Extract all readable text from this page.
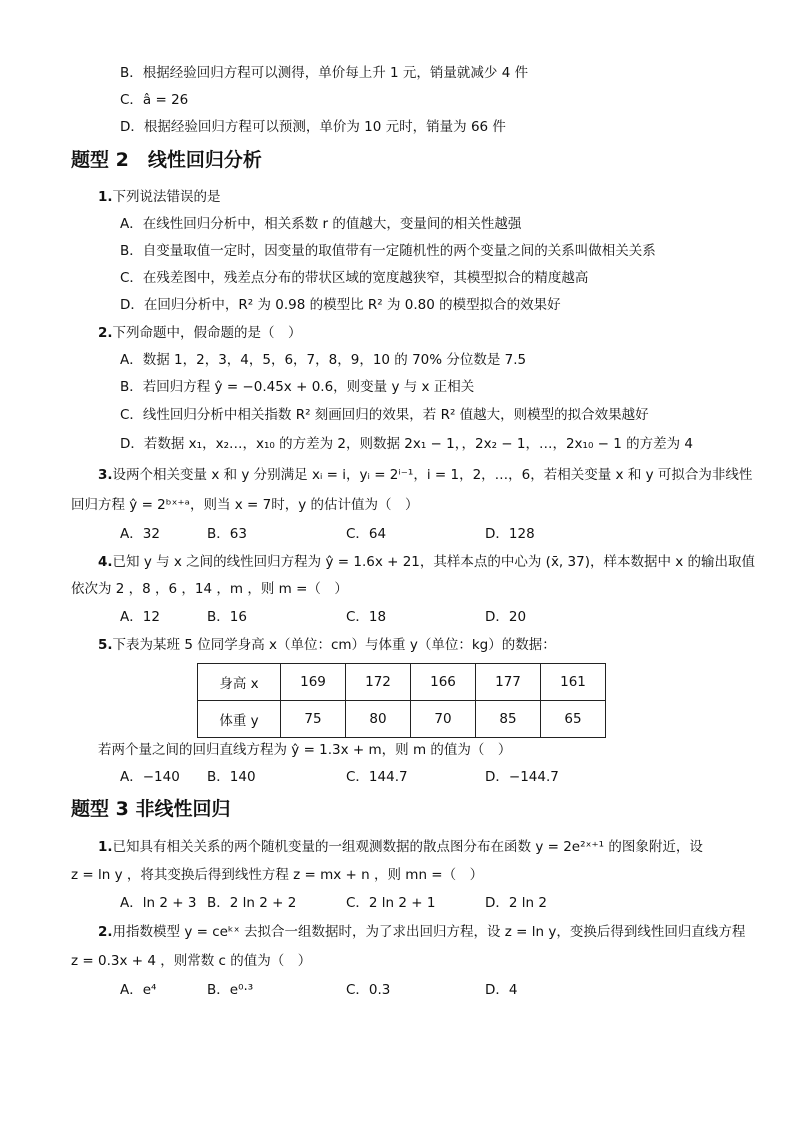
B．根据经验回归方程可以测得，单价每上升 1 元，销量就减少 4 件
C．â = 26
D．根据经验回归方程可以预测，单价为 10 元时，销量为 66 件
题型 2　线性回归分析
1.下列说法错误的是
A．在线性回归分析中，相关系数 r 的值越大，变量间的相关性越强
B．自变量取值一定时，因变量的取值带有一定随机性的两个变量之间的关系叫做相关关系
C．在残差图中，残差点分布的带状区域的宽度越狭窄，其模型拟合的精度越高
D．在回归分析中，R² 为 0.98 的模型比 R² 为 0.80 的模型拟合的效果好
2.下列命题中，假命题的是（　）
A．数据 1，2，3，4，5，6，7，8，9，10 的 70% 分位数是 7.5
B．若回归方程 ŷ = −0.45x + 0.6，则变量 y 与 x 正相关
C．线性回归分析中相关指数 R² 刻画回归的效果，若 R² 值越大，则模型的拟合效果越好
D．若数据 x₁，x₂…，x₁₀ 的方差为 2，则数据 2x₁ − 1，，2x₂ − 1，…，2x₁₀ − 1 的方差为 4
3.设两个相关变量 x 和 y 分别满足 xᵢ = i，yᵢ = 2ⁱ⁻¹，i = 1，2，…，6，若相关变量 x 和 y 可拟合为非线性
回归方程 ŷ = 2ᵇˣ⁺ᵃ，则当 x = 7时，y 的估计值为（　）
A．32	B．63	C．64	D．128
4.已知 y 与 x 之间的线性回归方程为 ŷ = 1.6x + 21，其样本点的中心为 (x̄, 37)，样本数据中 x 的输出取值
依次为 2 ，8 ，6 ，14 ，m ，则 m =（　）
A．12	B．16	C．18	D．20
5.下表为某班 5 位同学身高 x（单位：cm）与体重 y（单位：kg）的数据：
身高 x	169	172	166	177	161
体重 y	75	80	70	85	65
若两个量之间的回归直线方程为 ŷ = 1.3x + m，则 m 的值为（　）
A．−140 B．140	C．144.7	D．−144.7
题型 3 非线性回归
1.已知具有相关关系的两个随机变量的一组观测数据的散点图分布在函数 y = 2e²ˣ⁺¹ 的图象附近，设
z = ln y ，将其变换后得到线性方程 z = mx + n ，则 mn =（　）
A．ln 2 + 3 B．2 ln 2 + 2	C．2 ln 2 + 1	D．2 ln 2
2.用指数模型 y = ceᵏˣ 去拟合一组数据时，为了求出回归方程，设 z = ln y，变换后得到线性回归直线方程
z = 0.3x + 4 ，则常数 c 的值为（　）
A．e⁴	B．e⁰·³	C．0.3	D．4
